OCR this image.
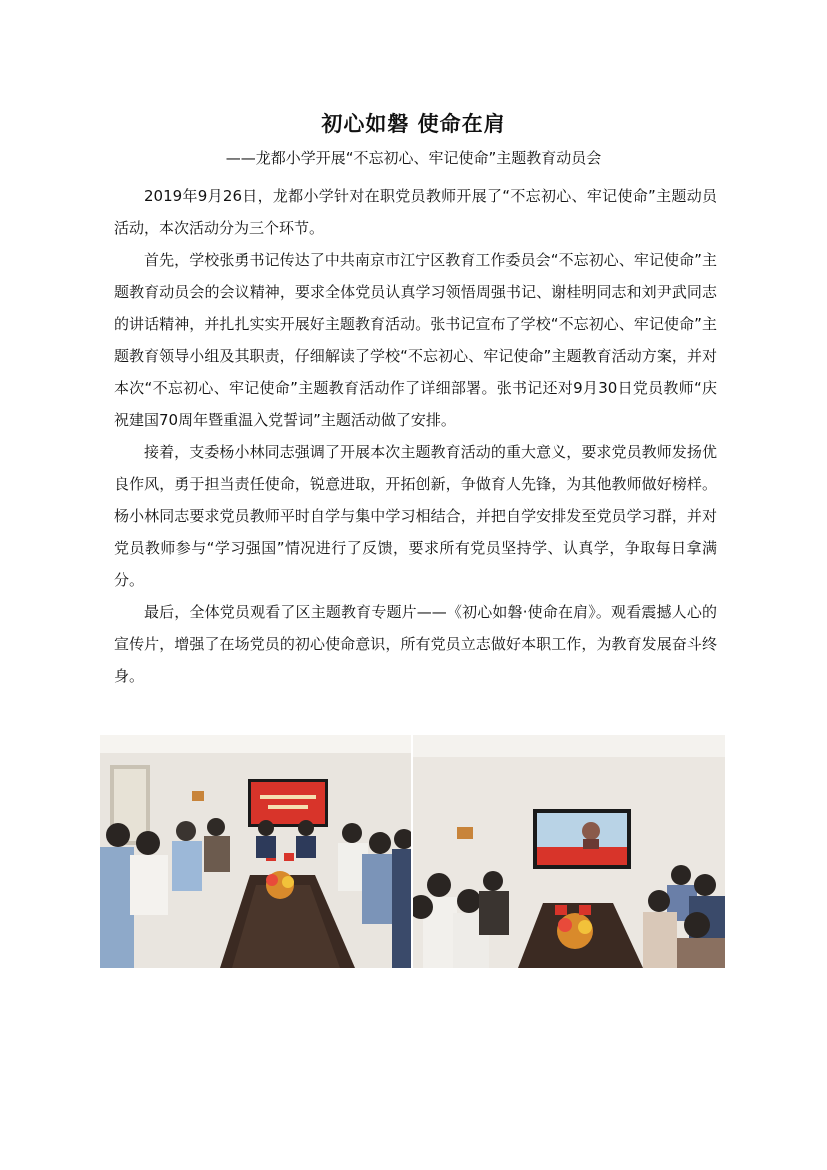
初心如磐 使命在肩
——龙都小学开展“不忘初心、牢记使命”主题教育动员会

2019年9月26日，龙都小学针对在职党员教师开展了“不忘初心、牢记使命”主题动员活动，本次活动分为三个环节。

首先，学校张勇书记传达了中共南京市江宁区教育工作委员会“不忘初心、牢记使命”主题教育动员会的会议精神，要求全体党员认真学习领悟周强书记、谢桂明同志和刘尹武同志的讲话精神，并扎扎实实开展好主题教育活动。张书记宣布了学校“不忘初心、牢记使命”主题教育领导小组及其职责，仔细解读了学校“不忘初心、牢记使命”主题教育活动方案，并对本次“不忘初心、牢记使命”主题教育活动作了详细部署。张书记还对9月30日党员教师“庆祝建国70周年暨重温入党誓词”主题活动做了安排。

接着，支委杨小林同志强调了开展本次主题教育活动的重大意义，要求党员教师发扬优良作风，勇于担当责任使命，锐意进取，开拓创新，争做育人先锋，为其他教师做好榜样。杨小林同志要求党员教师平时自学与集中学习相结合，并把自学安排发至党员学习群，并对党员教师参与“学习强国”情况进行了反馈，要求所有党员坚持学、认真学，争取每日拿满分。

最后，全体党员观看了区主题教育专题片——《初心如磐·使命在肩》。观看震撼人心的宣传片，增强了在场党员的初心使命意识，所有党员立志做好本职工作，为教育发展奋斗终身。
